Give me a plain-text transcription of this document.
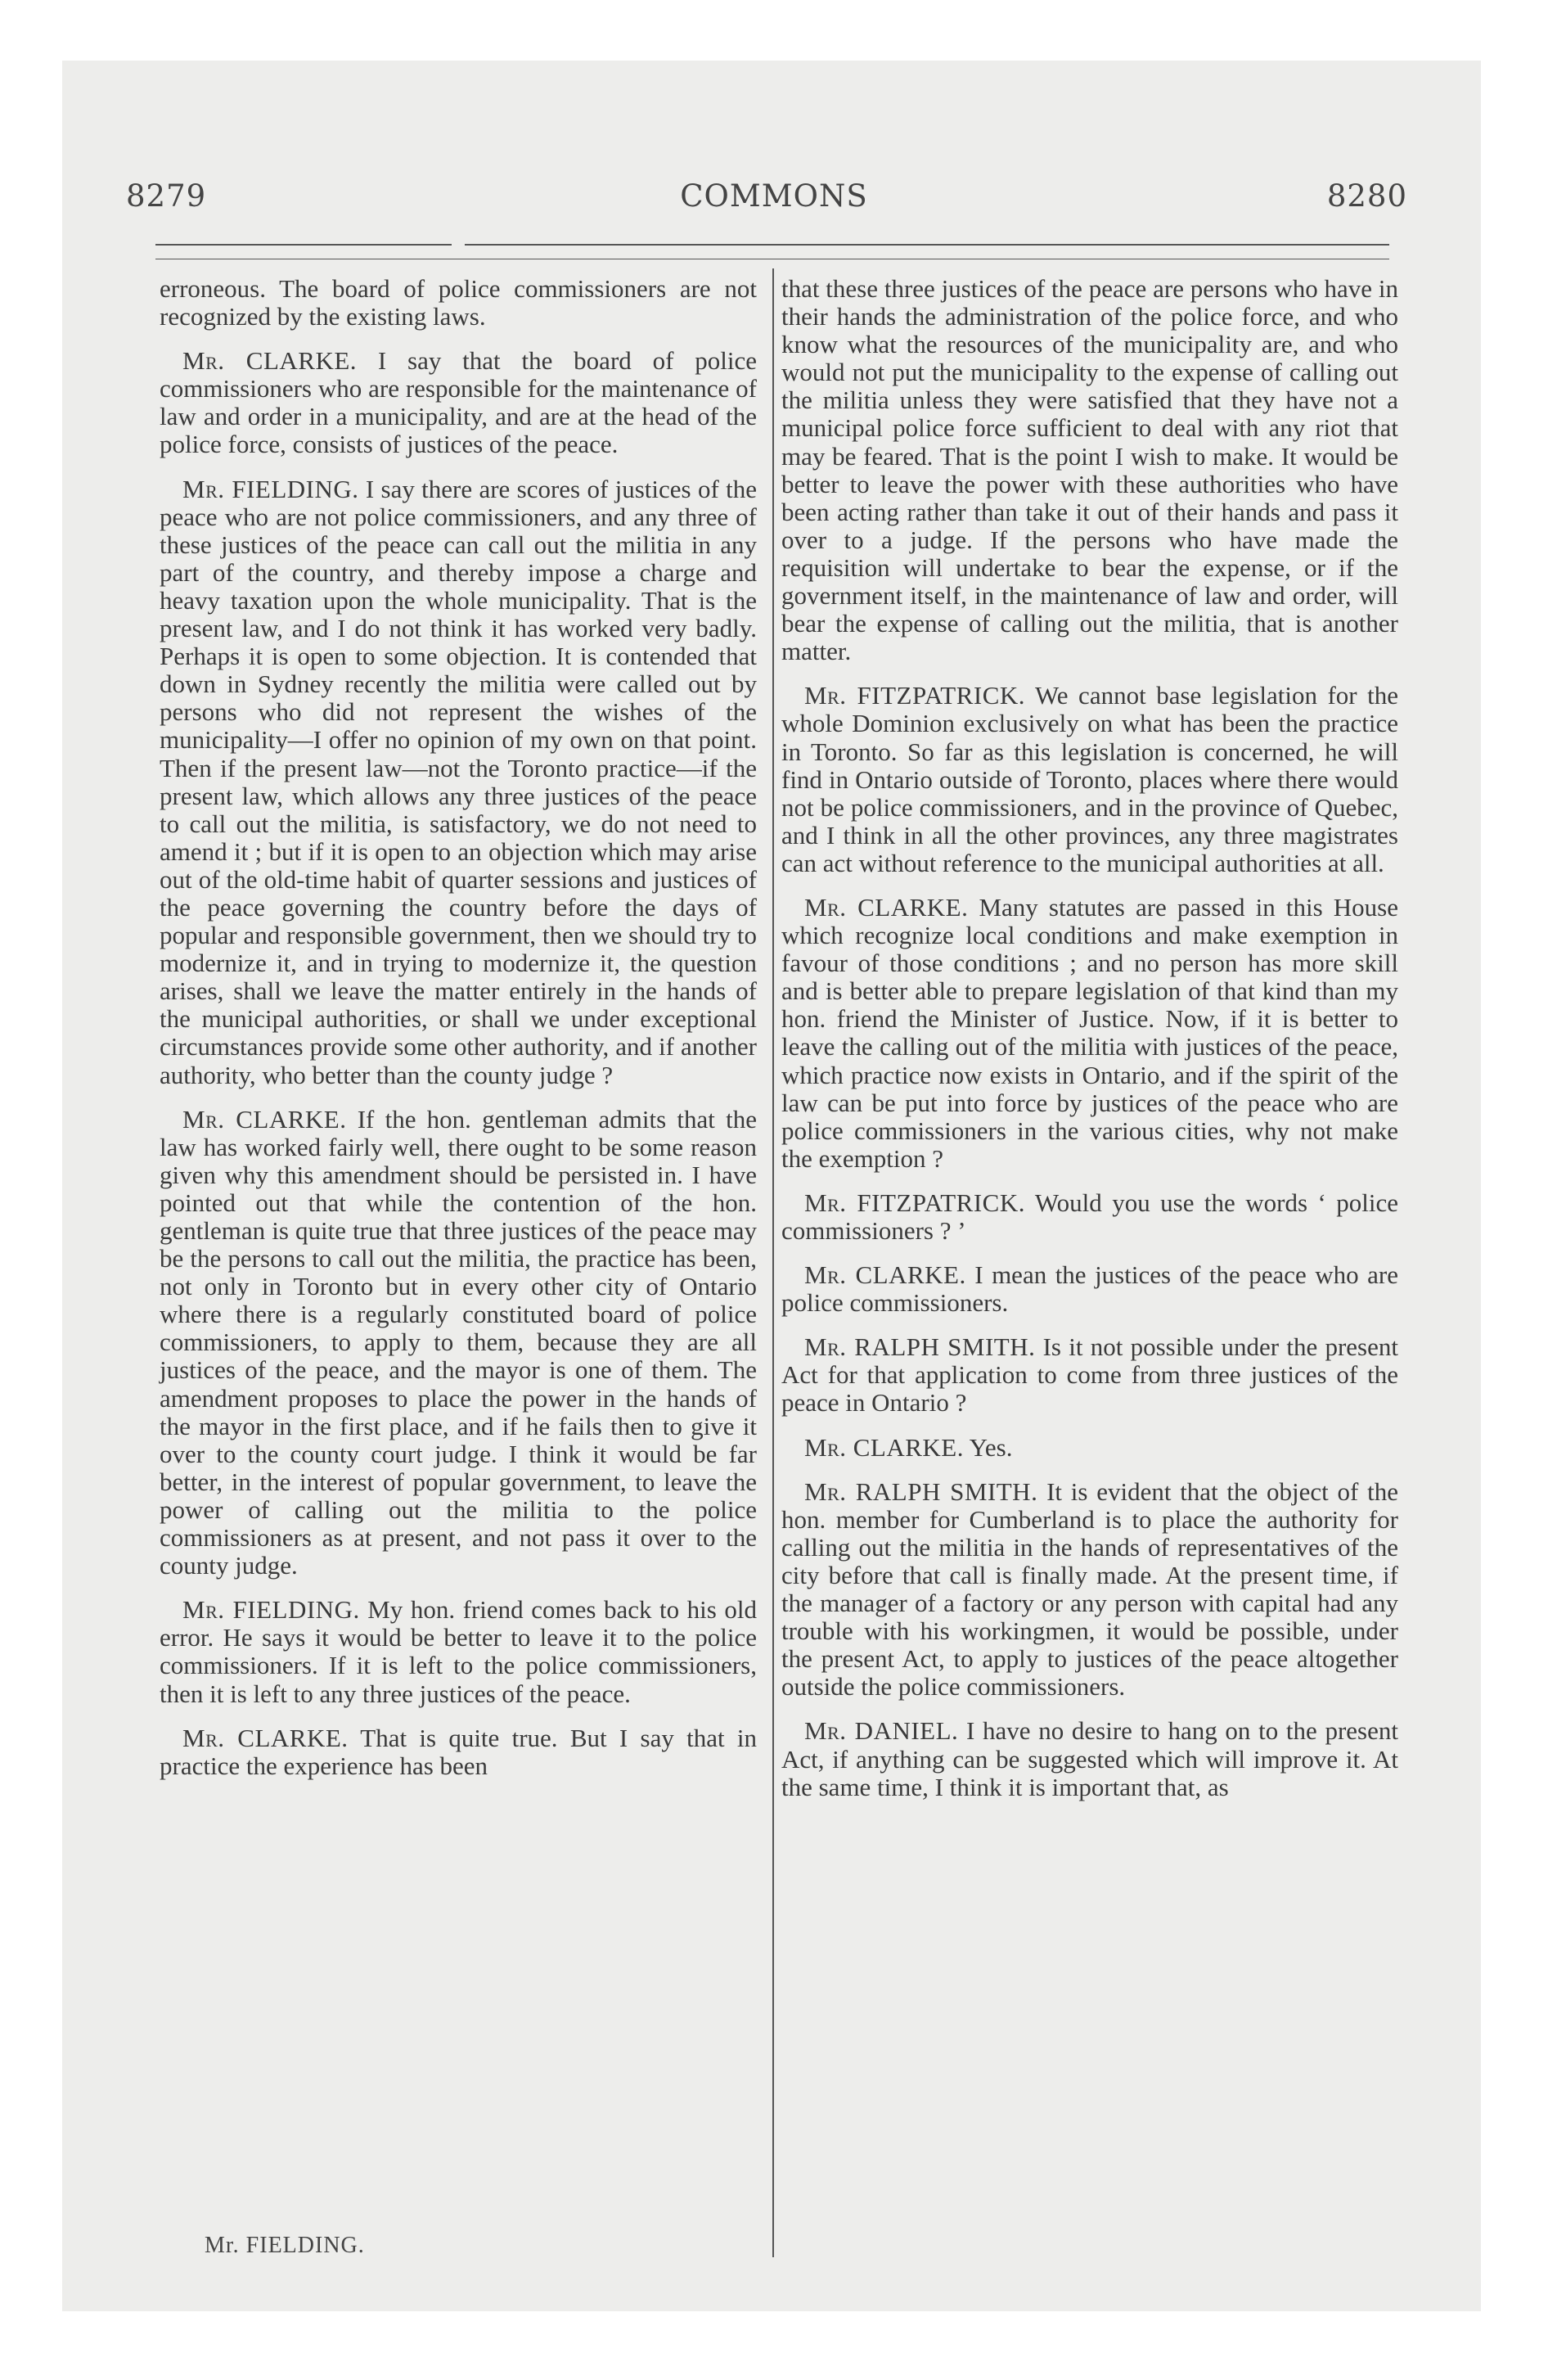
8279	COMMONS	8280

erroneous. The board of police commissioners are not recognized by the existing laws.

Mr. CLARKE. I say that the board of police commissioners who are responsible for the maintenance of law and order in a municipality, and are at the head of the police force, consists of justices of the peace.

Mr. FIELDING. I say there are scores of justices of the peace who are not police commissioners, and any three of these justices of the peace can call out the militia in any part of the country, and thereby impose a charge and heavy taxation upon the whole municipality. That is the present law, and I do not think it has worked very badly. Perhaps it is open to some objection. It is contended that down in Sydney recently the militia were called out by persons who did not represent the wishes of the municipality—I offer no opinion of my own on that point. Then if the present law—not the Toronto practice—if the present law, which allows any three justices of the peace to call out the militia, is satisfactory, we do not need to amend it ; but if it is open to an objection which may arise out of the old-time habit of quarter sessions and justices of the peace governing the country before the days of popular and responsible government, then we should try to modernize it, and in trying to modernize it, the question arises, shall we leave the matter entirely in the hands of the municipal authorities, or shall we under exceptional circumstances provide some other authority, and if another authority, who better than the county judge ?

Mr. CLARKE. If the hon. gentleman admits that the law has worked fairly well, there ought to be some reason given why this amendment should be persisted in. I have pointed out that while the contention of the hon. gentleman is quite true that three justices of the peace may be the persons to call out the militia, the practice has been, not only in Toronto but in every other city of Ontario where there is a regularly constituted board of police commissioners, to apply to them, because they are all justices of the peace, and the mayor is one of them. The amendment proposes to place the power in the hands of the mayor in the first place, and if he fails then to give it over to the county court judge. I think it would be far better, in the interest of popular government, to leave the power of calling out the militia to the police commissioners as at present, and not pass it over to the county judge.

Mr. FIELDING. My hon. friend comes back to his old error. He says it would be better to leave it to the police commissioners. If it is left to the police commissioners, then it is left to any three justices of the peace.

Mr. CLARKE. That is quite true. But I say that in practice the experience has been

that these three justices of the peace are persons who have in their hands the administration of the police force, and who know what the resources of the municipality are, and who would not put the municipality to the expense of calling out the militia unless they were satisfied that they have not a municipal police force sufficient to deal with any riot that may be feared. That is the point I wish to make. It would be better to leave the power with these authorities who have been acting rather than take it out of their hands and pass it over to a judge. If the persons who have made the requisition will undertake to bear the expense, or if the government itself, in the maintenance of law and order, will bear the expense of calling out the militia, that is another matter.

Mr. FITZPATRICK. We cannot base legislation for the whole Dominion exclusively on what has been the practice in Toronto. So far as this legislation is concerned, he will find in Ontario outside of Toronto, places where there would not be police commissioners, and in the province of Quebec, and I think in all the other provinces, any three magistrates can act without reference to the municipal authorities at all.

Mr. CLARKE. Many statutes are passed in this House which recognize local conditions and make exemption in favour of those conditions ; and no person has more skill and is better able to prepare legislation of that kind than my hon. friend the Minister of Justice. Now, if it is better to leave the calling out of the militia with justices of the peace, which practice now exists in Ontario, and if the spirit of the law can be put into force by justices of the peace who are police commissioners in the various cities, why not make the exemption ?

Mr. FITZPATRICK. Would you use the words ‘ police commissioners ? ’

Mr. CLARKE. I mean the justices of the peace who are police commissioners.

Mr. RALPH SMITH. Is it not possible under the present Act for that application to come from three justices of the peace in Ontario ?

Mr. CLARKE. Yes.

Mr. RALPH SMITH. It is evident that the object of the hon. member for Cumberland is to place the authority for calling out the militia in the hands of representatives of the city before that call is finally made. At the present time, if the manager of a factory or any person with capital had any trouble with his workingmen, it would be possible, under the present Act, to apply to justices of the peace altogether outside the police commissioners.

Mr. DANIEL. I have no desire to hang on to the present Act, if anything can be suggested which will improve it. At the same time, I think it is important that, as

Mr. FIELDING.
